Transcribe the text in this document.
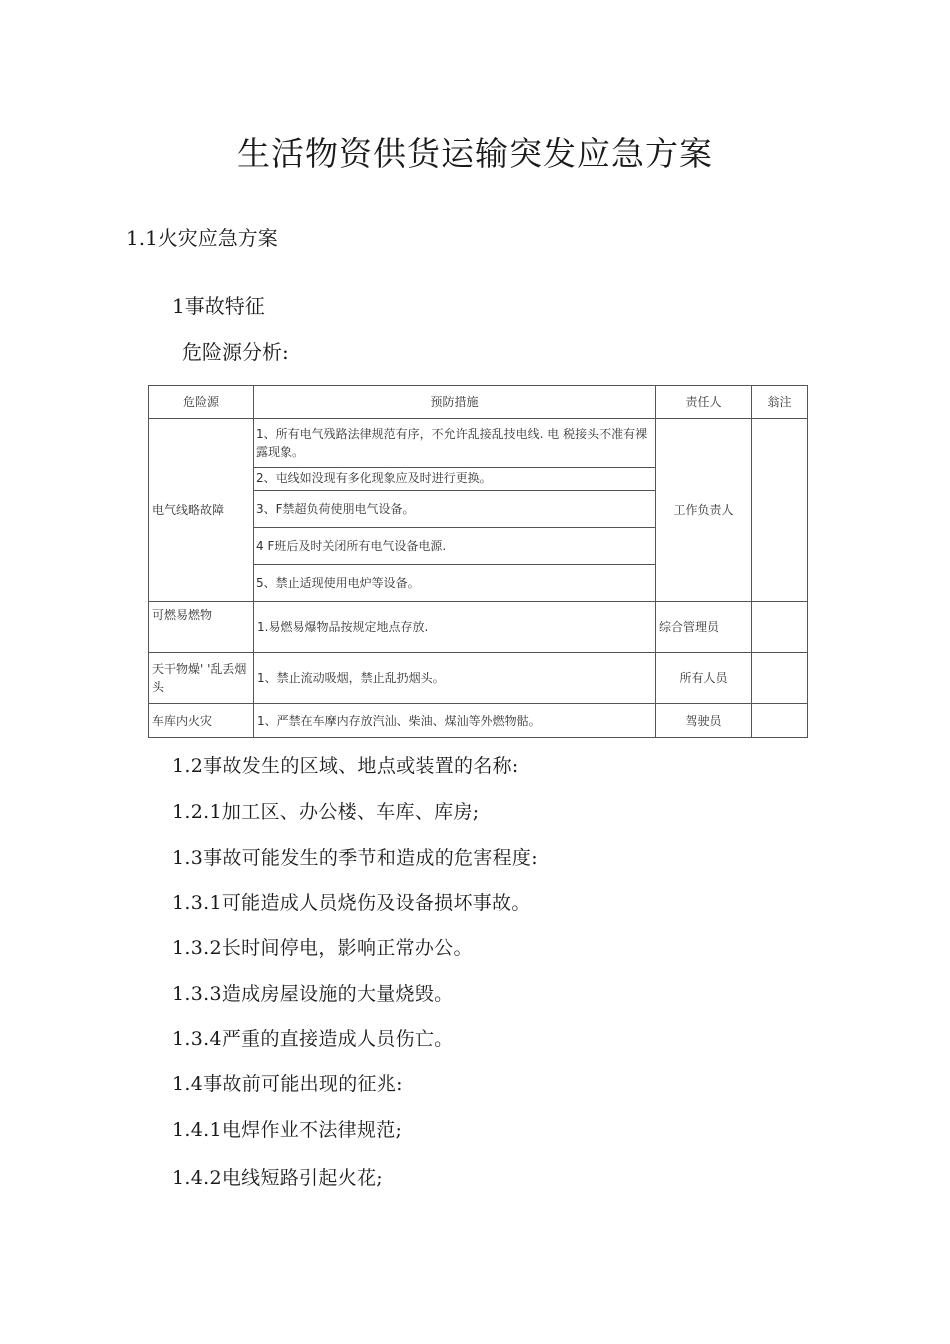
生活物资供货运输突发应急方案

1.1火灾应急方案

1事故特征

危险源分析:

危险源	预防措施	责任人	翁注
电气线略故障	1、所有电气残路法律规范有序，不允许乱接乱技电线. 电 税接头不准有裸露现象。	工作负责人	
	2、屯线如没现有多化现象应及时进行更换。		
	3、F禁超负荷使朋电气设备。		
	4 F班后及时关闭所有电气设备电源.		
	5、禁止适现使用电炉等设备。		
可燃易燃物	1.易燃易爆物品按规定地点存放.	综合管理员	
天干物燥' '乱丢烟头	1、禁止流动吸烟，禁止乱扔烟头。	所有人员	
车库内火灾	1、严禁在车摩内存放汽汕、柴油、煤汕等外燃物骷。	驾驶员	

1.2事故发生的区域、地点或装置的名称:

1.2.1加工区、办公楼、车库、库房;

1.3事故可能发生的季节和造成的危害程度:

1.3.1可能造成人员烧伤及设备损坏事故。

1.3.2长时间停电，影响正常办公。

1.3.3造成房屋设施的大量烧毁。

1.3.4严重的直接造成人员伤亡。

1.4事故前可能出现的征兆:

1.4.1电焊作业不法律规范;

1.4.2电线短路引起火花;
